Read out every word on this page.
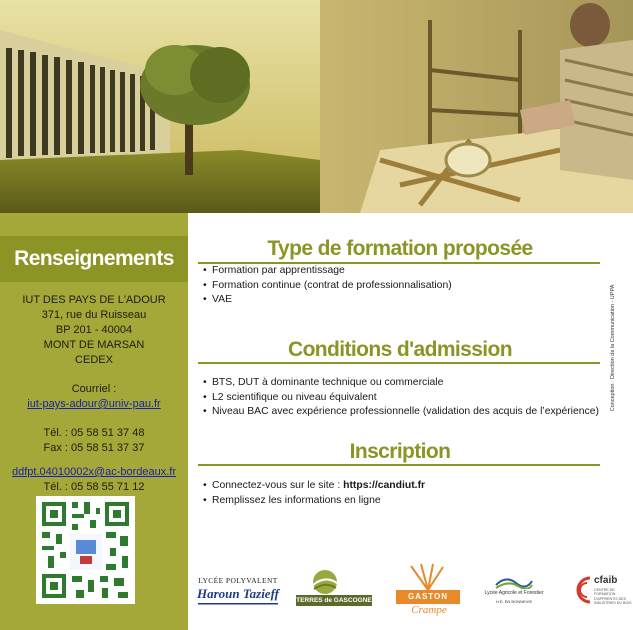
Renseignements
IUT DES PAYS DE L'ADOUR
371, rue du Ruisseau
BP 201 - 40004
MONT DE MARSAN
CEDEX
Courriel :
iut-pays-adour@univ-pau.fr
Tél. : 05 58 51 37 48
Fax : 05 58 51 37 37
ddfpt.04010002x@ac-bordeaux.fr
Tél. : 05 58 55 71 12
Type de formation proposée
• Formation par apprentissage
• Formation continue (contrat de professionnalisation)
• VAE
Conditions d'admission
• BTS, DUT à dominante technique ou commerciale
• L2 scientifique ou niveau équivalent
• Niveau BAC avec expérience professionnelle (validation des acquis de l’expérience)
Inscription
• Connectez-vous sur le site : https://candiut.fr
• Remplissez les informations en ligne
Conception : Direction de la Communication - UPPA
LYCÉE POLYVALENT
Haroun Tazieff	TERRES de GASCOGNE	GASTON
Crampe
Lycée Agricole et Forestier
H.E. EN BONNEVIE
cfaib
CENTRE DE FORMATION D'APPRENTIS DES INDUSTRIES DU BOIS
